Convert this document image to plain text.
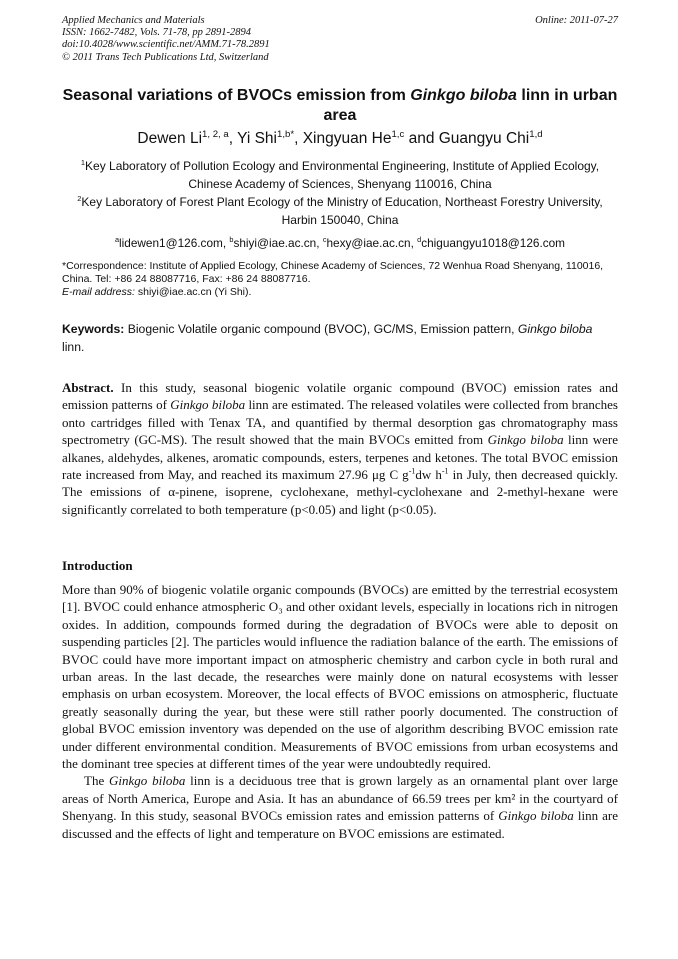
Applied Mechanics and Materials
ISSN: 1662-7482, Vols. 71-78, pp 2891-2894
doi:10.4028/www.scientific.net/AMM.71-78.2891
© 2011 Trans Tech Publications Ltd, Switzerland
Online: 2011-07-27
Seasonal variations of BVOCs emission from Ginkgo biloba linn in urban area
Dewen Li$^{1, 2, a}$, Yi Shi$^{1,b*}$, Xingyuan He$^{1,c}$ and Guangyu Chi$^{1,d}$
$^1$Key Laboratory of Pollution Ecology and Environmental Engineering, Institute of Applied Ecology, Chinese Academy of Sciences, Shenyang 110016, China
$^2$Key Laboratory of Forest Plant Ecology of the Ministry of Education, Northeast Forestry University, Harbin 150040, China
$^a$lidewen1@126.com, $^b$shiyi@iae.ac.cn, $^c$hexy@iae.ac.cn, $^d$chiguangyu1018@126.com
*Correspondence: Institute of Applied Ecology, Chinese Academy of Sciences, 72 Wenhua Road Shenyang, 110016, China. Tel: +86 24 88087716, Fax: +86 24 88087716.
E-mail address: shiyi@iae.ac.cn (Yi Shi).
Keywords: Biogenic Volatile organic compound (BVOC), GC/MS, Emission pattern, Ginkgo biloba linn.
Abstract. In this study, seasonal biogenic volatile organic compound (BVOC) emission rates and emission patterns of Ginkgo biloba linn are estimated. The released volatiles were collected from branches onto cartridges filled with Tenax TA, and quantified by thermal desorption gas chromatography mass spectrometry (GC-MS). The result showed that the main BVOCs emitted from Ginkgo biloba linn were alkanes, aldehydes, alkenes, aromatic compounds, esters, terpenes and ketones. The total BVOC emission rate increased from May, and reached its maximum 27.96 μg C $g^{-1}dw$ $h^{-1}$ in July, then decreased quickly. The emissions of α-pinene, isoprene, cyclohexane, methyl-cyclohexane and 2-methyl-hexane were significantly correlated to both temperature (p<0.05) and light (p<0.05).
Introduction

More than 90% of biogenic volatile organic compounds (BVOCs) are emitted by the terrestrial ecosystem [1]. BVOC could enhance atmospheric O₃ and other oxidant levels, especially in locations rich in nitrogen oxides. In addition, compounds formed during the degradation of BVOCs were able to deposit on suspending particles [2]. The particles would influence the radiation balance of the earth. The emissions of BVOC could have more important impact on atmospheric chemistry and carbon cycle in both rural and urban areas. In the last decade, the researches were mainly done on natural ecosystems with lesser emphasis on urban ecosystem. Moreover, the local effects of BVOC emissions on atmospheric, fluctuate greatly seasonally during the year, but these were still rather poorly documented. The construction of global BVOC emission inventory was depended on the use of algorithm describing BVOC emission rate under different environmental condition. Measurements of BVOC emissions from urban ecosystems and the dominant tree species at different times of the year were undoubtedly required.

The Ginkgo biloba linn is a deciduous tree that is grown largely as an ornamental plant over large areas of North America, Europe and Asia. It has an abundance of 66.59 trees per km² in the courtyard of Shenyang. In this study, seasonal BVOCs emission rates and emission patterns of Ginkgo biloba linn are discussed and the effects of light and temperature on BVOC emissions are estimated.
